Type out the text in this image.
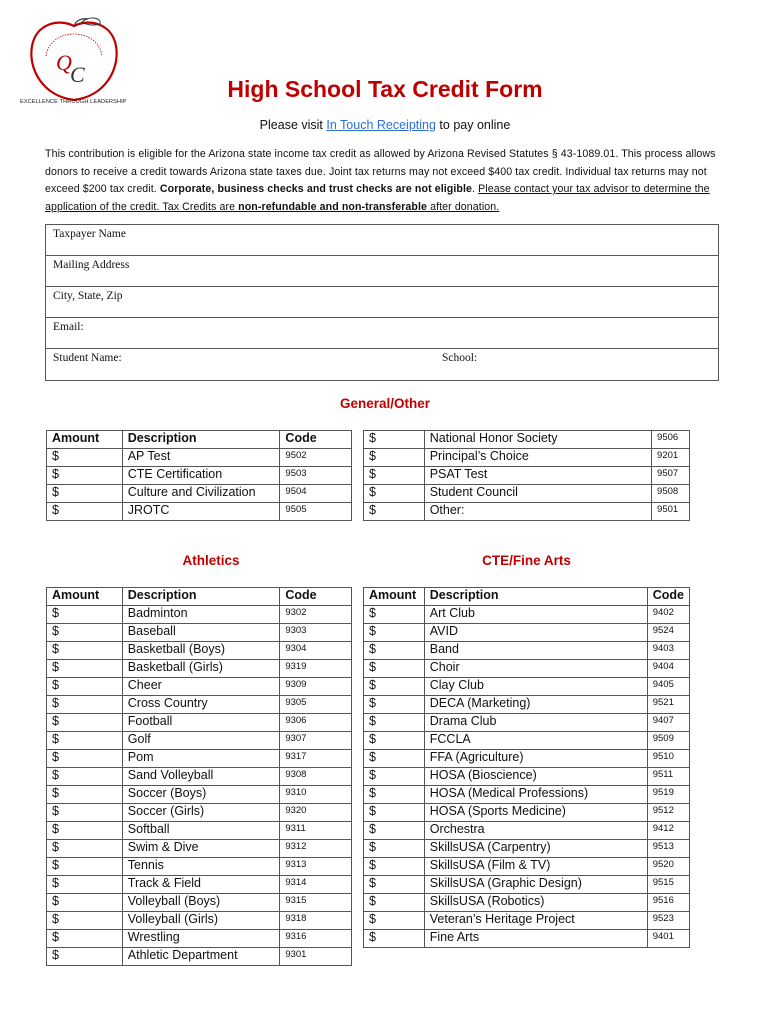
Q
C
EXCELLENCE THROUGH LEADERSHIP	High School Tax Credit Form
Please visit In Touch Receipting to pay online
This contribution is eligible for the Arizona state income tax credit as allowed by Arizona Revised Statutes § 43-1089.01. This process allows donors to receive a credit towards Arizona state taxes due. Joint tax returns may not exceed $400 tax credit. Individual tax returns may not exceed $200 tax credit. Corporate, business checks and trust checks are not eligible. Please contact your tax advisor to determine the application of the credit. Tax Credits are non-refundable and non-transferable after donation.
Taxpayer Name
Mailing Address
City, State, Zip
Email:
Student Name:	School:
General/Other
Amount	Description	Code
$	AP Test	9502
$	CTE Certification	9503
$	Culture and Civilization	9504
$	JROTC	9505
$	National Honor Society	9506
$	Principal’s Choice	9201
$	PSAT Test	9507
$	Student Council	9508
$	Other:	9501
Athletics
Amount	Description	Code
$	Badminton	9302
$	Baseball	9303
$	Basketball (Boys)	9304
$	Basketball (Girls)	9319
$	Cheer	9309
$	Cross Country	9305
$	Football	9306
$	Golf	9307
$	Pom	9317
$	Sand Volleyball	9308
$	Soccer (Boys)	9310
$	Soccer (Girls)	9320
$	Softball	9311
$	Swim & Dive	9312
$	Tennis	9313
$	Track & Field	9314
$	Volleyball (Boys)	9315
$	Volleyball (Girls)	9318
$	Wrestling	9316
$	Athletic Department	9301
CTE/Fine Arts
Amount	Description	Code
$	Art Club	9402
$	AVID	9524
$	Band	9403
$	Choir	9404
$	Clay Club	9405
$	DECA (Marketing)	9521
$	Drama Club	9407
$	FCCLA	9509
$	FFA (Agriculture)	9510
$	HOSA (Bioscience)	9511
$	HOSA (Medical Professions)	9519
$	HOSA (Sports Medicine)	9512
$	Orchestra	9412
$	SkillsUSA (Carpentry)	9513
$	SkillsUSA (Film & TV)	9520
$	SkillsUSA (Graphic Design)	9515
$	SkillsUSA (Robotics)	9516
$	Veteran’s Heritage Project	9523
$	Fine Arts	9401
